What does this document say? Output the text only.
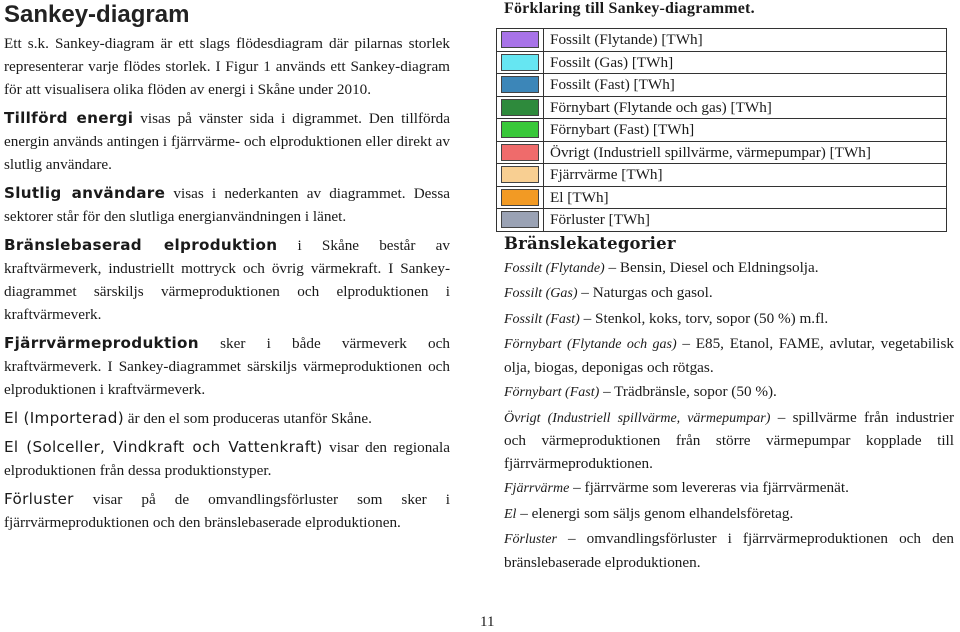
Sankey-diagram

Ett s.k. Sankey-diagram är ett slags flödesdiagram där pilarnas storlek representerar varje flödes storlek. I Figur 1 används ett Sankey-diagram för att visualisera olika flöden av energi i Skåne under 2010.

Tillförd energi visas på vänster sida i digrammet. Den tillförda energin används antingen i fjärrvärme- och elproduktionen eller direkt av slutlig användare.

Slutlig användare visas i nederkanten av diagrammet. Dessa sektorer står för den slutliga energianvändningen i länet.

Bränslebaserad elproduktion i Skåne består av kraftvärmeverk, industriellt mottryck och övrig värmekraft. I Sankey-diagrammet särskiljs värmeproduktionen och elproduktionen i kraftvärmeverk.

Fjärrvärmeproduktion sker i både värmeverk och kraftvärmeverk. I Sankey-diagrammet särskiljs värmeproduktionen och elproduktionen i kraftvärmeverk.

El (Importerad) är den el som produceras utanför Skåne.

El (Solceller, Vindkraft och Vattenkraft) visar den regionala elproduktionen från dessa produktionstyper.

Förluster visar på de omvandlingsförluster som sker i fjärrvärmeproduktionen och den bränslebaserade elproduktionen.

Förklaring till Sankey-diagrammet.

	Fossilt (Flytande) [TWh]

	Fossilt (Gas) [TWh]

	Fossilt (Fast) [TWh]

	Förnybart (Flytande och gas) [TWh]

	Förnybart (Fast) [TWh]

	Övrigt (Industriell spillvärme, värmepumpar) [TWh]

	Fjärrvärme [TWh]

	El [TWh]

	Förluster [TWh]

Bränslekategorier

Fossilt (Flytande) – Bensin, Diesel och Eldningsolja.

Fossilt (Gas) – Naturgas och gasol.

Fossilt (Fast) – Stenkol, koks, torv, sopor (50 %) m.fl.

Förnybart (Flytande och gas) – E85, Etanol, FAME, avlutar, vegetabilisk olja, biogas, deponigas och rötgas.

Förnybart (Fast) – Trädbränsle, sopor (50 %).

Övrigt (Industriell spillvärme, värmepumpar) – spillvärme från industrier och värmeproduktionen från större värmepumpar kopplade till fjärrvärmeproduktionen.

Fjärrvärme – fjärrvärme som levereras via fjärrvärmenät.

El – elenergi som säljs genom elhandelsföretag.

Förluster – omvandlingsförluster i fjärrvärmeproduktionen och den bränslebaserade elproduktionen.

11
